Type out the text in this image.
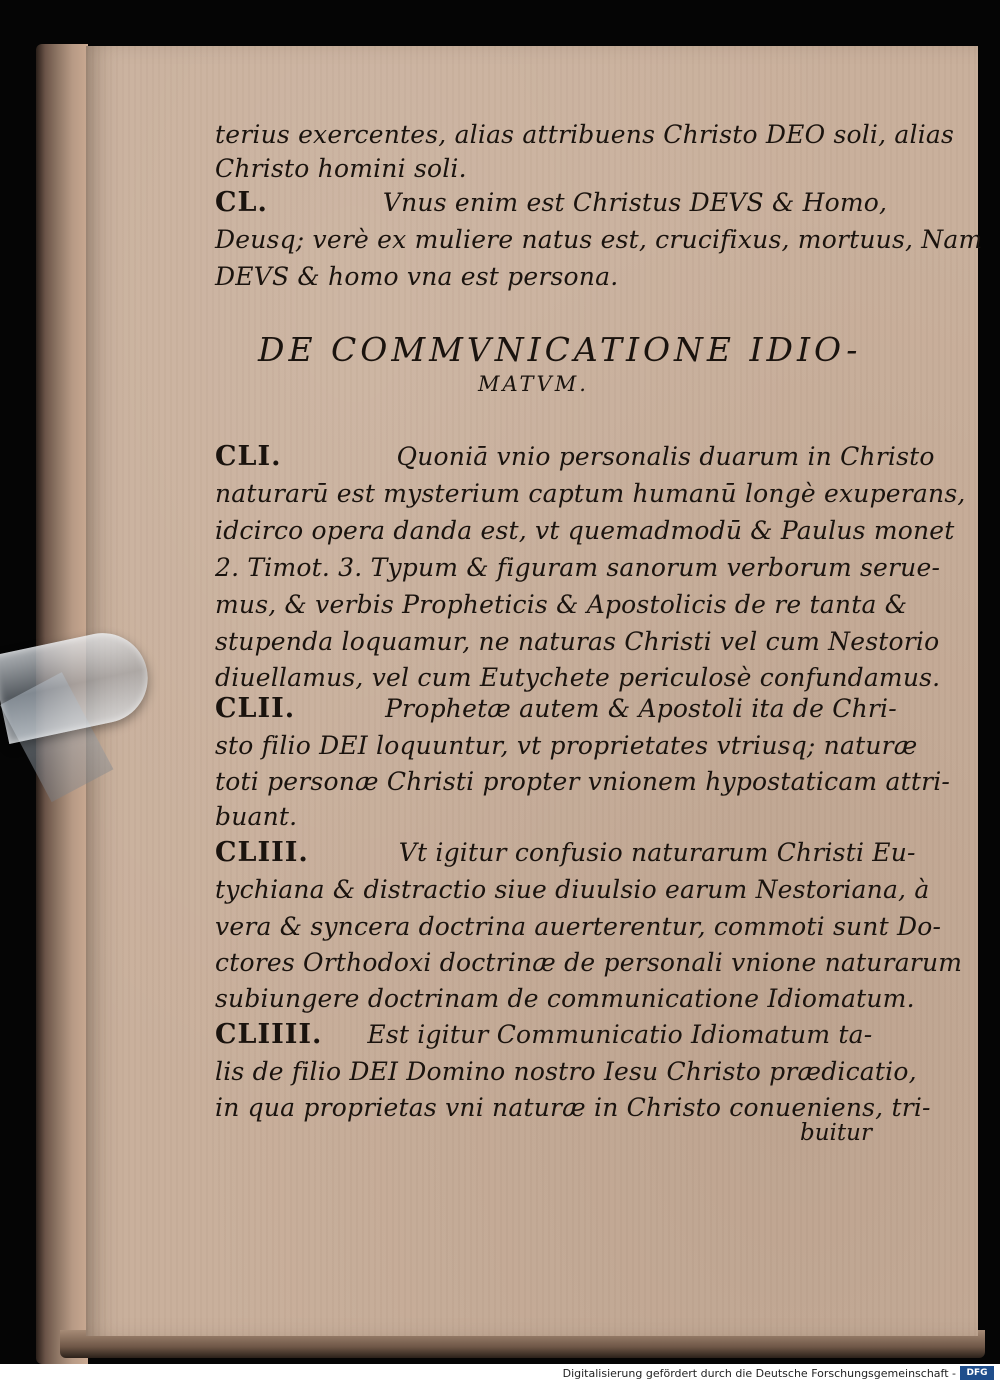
terius exercentes, alias attribuens Christo DEO soli, alias
Christo homini soli.
CL.	Vnus enim est Christus DEVS & Homo,
Deusq; verè ex muliere natus est, crucifixus, mortuus, Nam
DEVS & homo vna est persona.
DE COMMVNICATIONE IDIO-
MATVM.
CLI.	Quoniā vnio personalis duarum in Christo
naturarū est mysterium captum humanū longè exuperans,
idcirco opera danda est, vt quemadmodū & Paulus monet
2. Timot. 3. Typum & figuram sanorum verborum serue-
mus, & verbis Propheticis & Apostolicis de re tanta &
stupenda loquamur, ne naturas Christi vel cum Nestorio
diuellamus, vel cum Eutychete periculosè confundamus.
CLII.	Prophetæ autem & Apostoli ita de Chri-
sto filio DEI loquuntur, vt proprietates vtriusq; naturæ
toti personæ Christi propter vnionem hypostaticam attri-
buant.
CLIII.	Vt igitur confusio naturarum Christi Eu-
tychiana & distractio siue diuulsio earum Nestoriana, à
vera & syncera doctrina auerterentur, commoti sunt Do-
ctores Orthodoxi doctrinæ de personali vnione naturarum
subiungere doctrinam de communicatione Idiomatum.
CLIIII. Est igitur Communicatio Idiomatum ta-
lis de filio DEI Domino nostro Iesu Christo prædicatio,
in qua proprietas vni naturæ in Christo conueniens, tri-
buitur
Digitalisierung gefördert durch die Deutsche Forschungsgemeinschaft -	DFG
